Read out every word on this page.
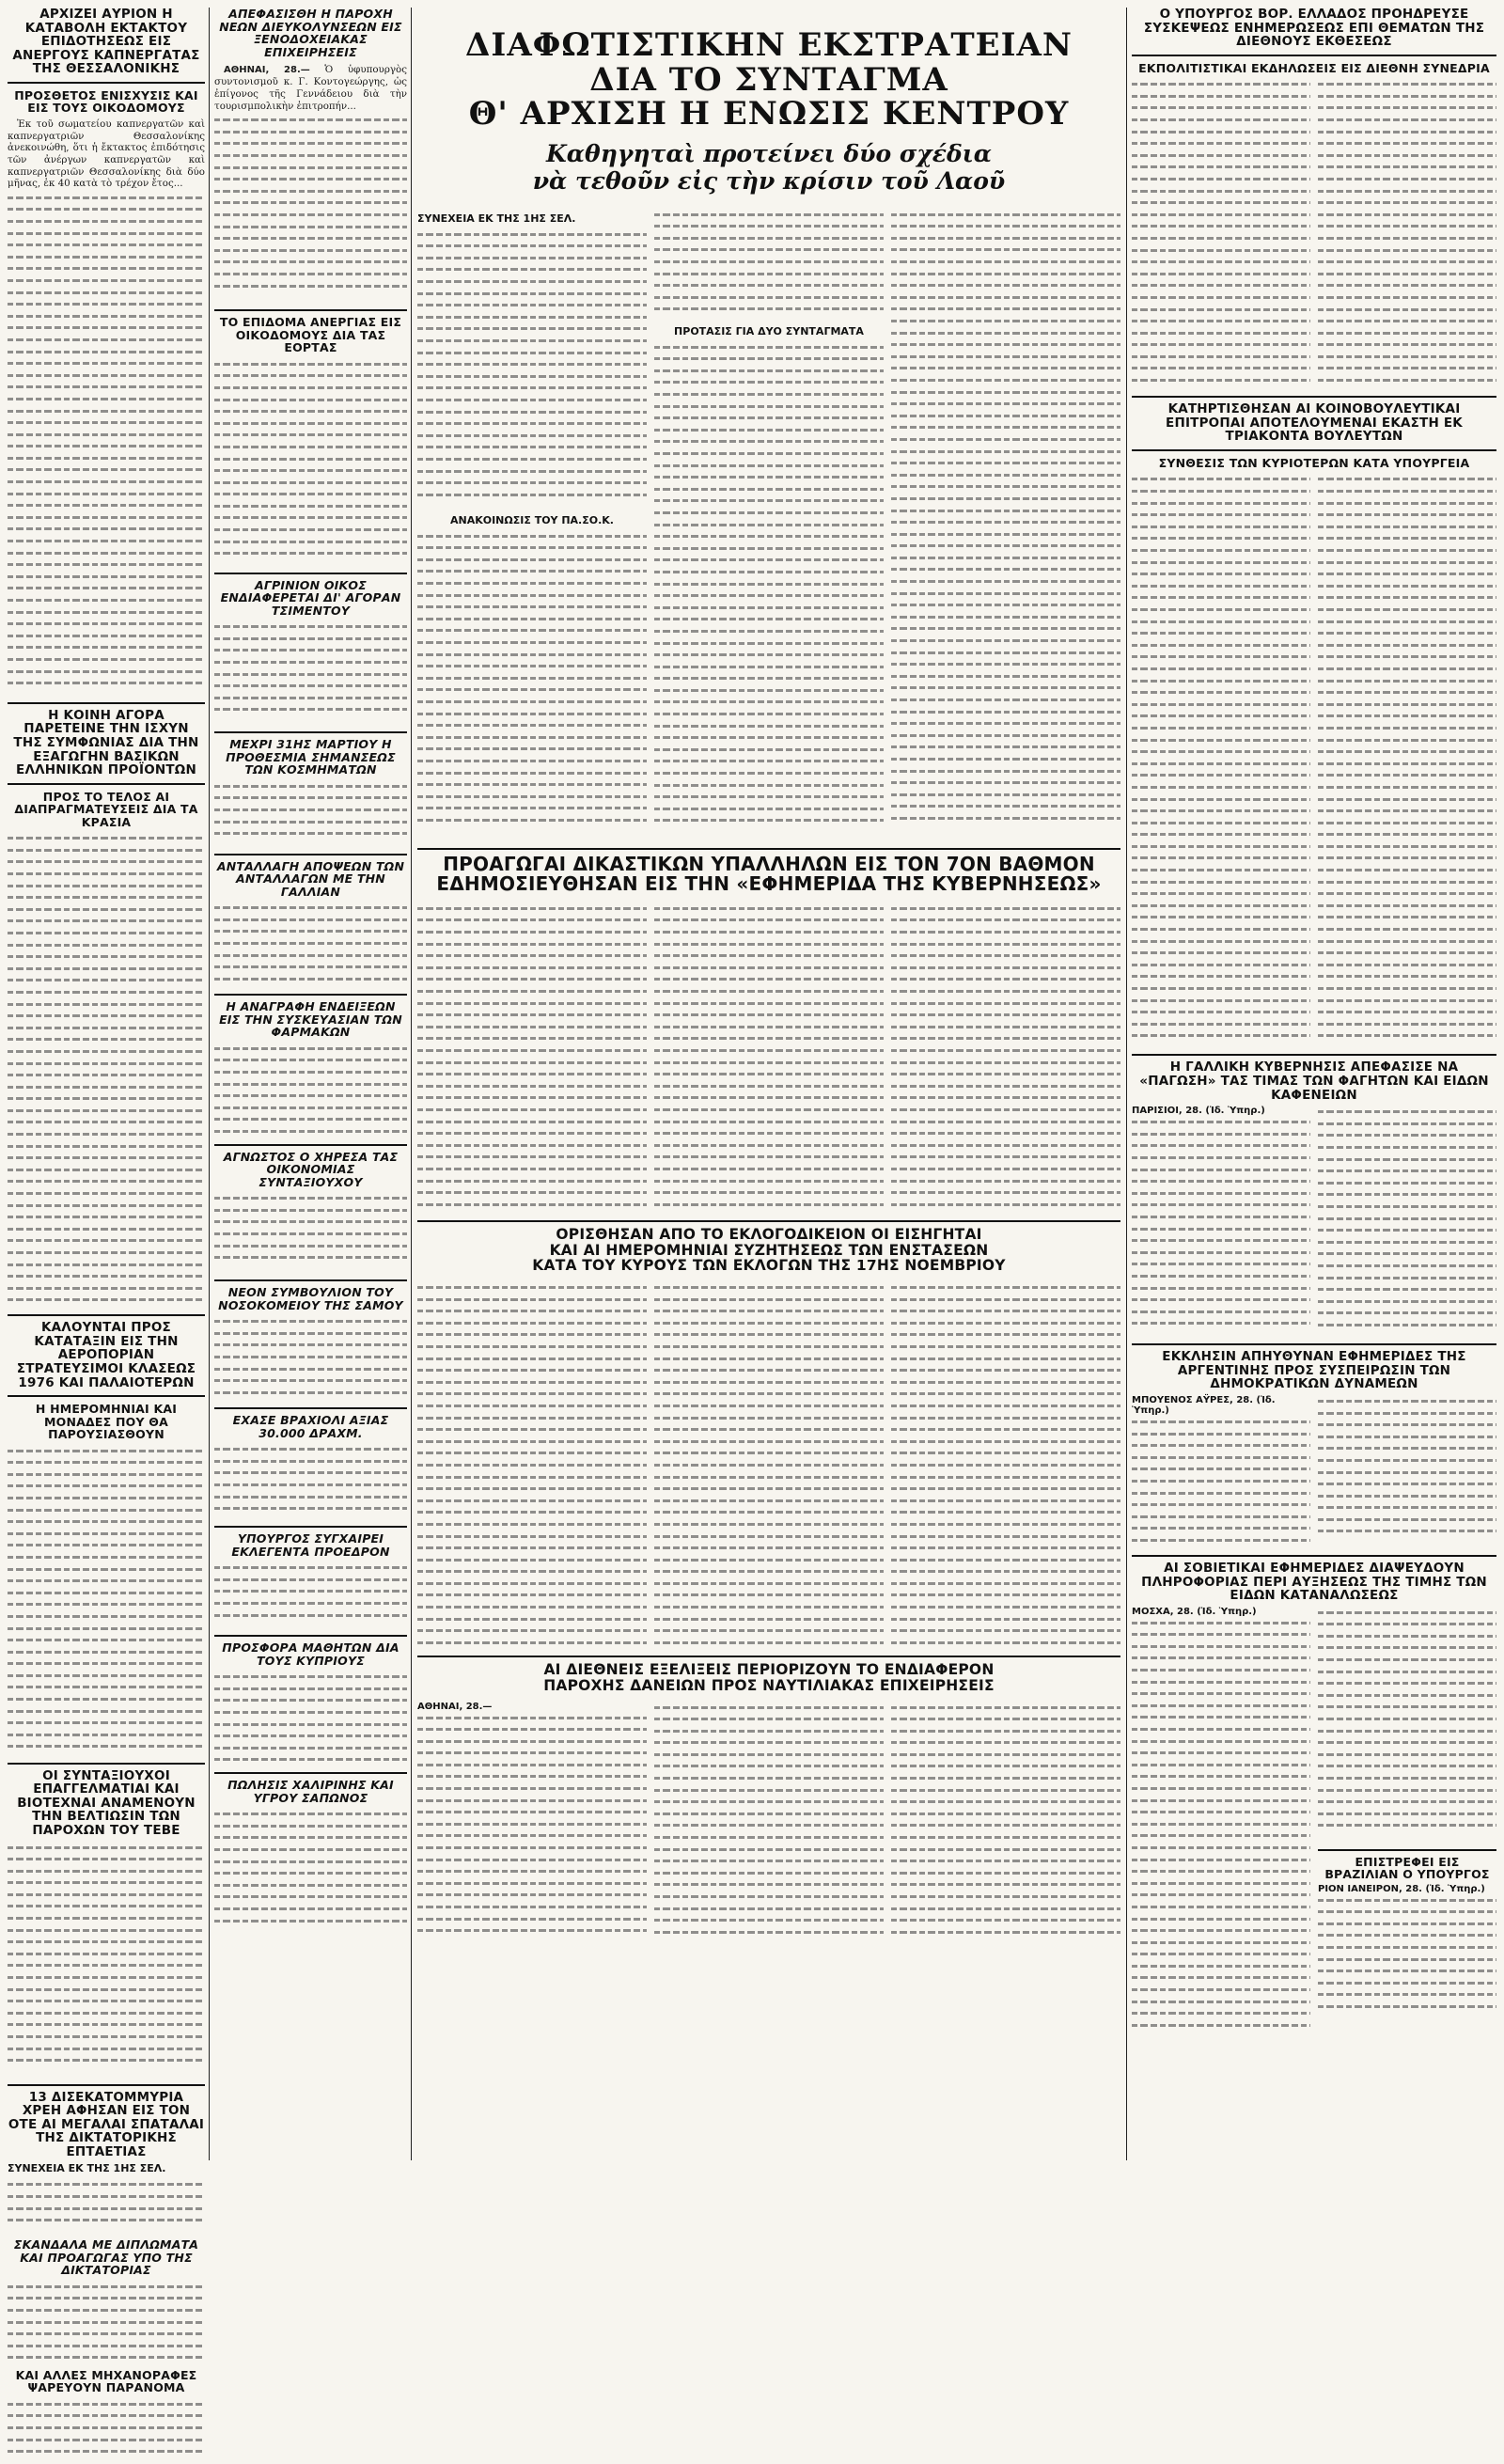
ΑΡΧΙΖΕΙ ΑΥΡΙΟΝ Η ΚΑΤΑΒΟΛΗ ΕΚΤΑΚΤΟΥ ΕΠΙΔΟΤΗΣΕΩΣ ΕΙΣ ΑΝΕΡΓΟΥΣ ΚΑΠΝΕΡΓΑΤΑΣ ΤΗΣ ΘΕΣΣΑΛΟΝΙΚΗΣ
ΠΡΟΣΘΕΤΟΣ ΕΝΙΣΧΥΣΙΣ ΚΑΙ ΕΙΣ ΤΟΥΣ ΟΙΚΟΔΟΜΟΥΣ

Ἐκ τοῦ σωματείου καπνεργατῶν καὶ καπνεργατριῶν Θεσσαλονίκης ἀνεκοινώθη, ὅτι ἡ ἔκτακτος ἐπιδότησις τῶν ἀνέργων καπνεργατῶν καὶ καπνεργατριῶν Θεσσαλονίκης διὰ δύο μῆνας, ἐκ 40 κατὰ τὸ τρέχον ἔτος...

Η ΚΟΙΝΗ ΑΓΟΡΑ ΠΑΡΕΤΕΙΝΕ ΤΗΝ ΙΣΧΥΝ ΤΗΣ ΣΥΜΦΩΝΙΑΣ ΔΙΑ ΤΗΝ ΕΞΑΓΩΓΗΝ ΒΑΣΙΚΩΝ ΕΛΛΗΝΙΚΩΝ ΠΡΟΪΟΝΤΩΝ
ΠΡΟΣ ΤΟ ΤΕΛΟΣ ΑΙ ΔΙΑΠΡΑΓΜΑΤΕΥΣΕΙΣ ΔΙΑ ΤΑ ΚΡΑΣΙΑ
ΚΑΛΟΥΝΤΑΙ ΠΡΟΣ ΚΑΤΑΤΑΞΙΝ ΕΙΣ ΤΗΝ ΑΕΡΟΠΟΡΙΑΝ ΣΤΡΑΤΕΥΣΙΜΟΙ ΚΛΑΣΕΩΣ 1976 ΚΑΙ ΠΑΛΑΙΟΤΕΡΩΝ
Η ΗΜΕΡΟΜΗΝΙΑΙ ΚΑΙ ΜΟΝΑΔΕΣ ΠΟΥ ΘΑ ΠΑΡΟΥΣΙΑΣΘΟΥΝ
ΟΙ ΣΥΝΤΑΞΙΟΥΧΟΙ ΕΠΑΓΓΕΛΜΑΤΙΑΙ ΚΑΙ ΒΙΟΤΕΧΝΑΙ ΑΝΑΜΕΝΟΥΝ ΤΗΝ ΒΕΛΤΙΩΣΙΝ ΤΩΝ ΠΑΡΟΧΩΝ ΤΟΥ ΤΕΒΕ
13 ΔΙΣΕΚΑΤΟΜΜΥΡΙΑ ΧΡΕΗ ΑΦΗΣΑΝ ΕΙΣ ΤΟΝ ΟΤΕ ΑΙ ΜΕΓΑΛΑΙ ΣΠΑΤΑΛΑΙ ΤΗΣ ΔΙΚΤΑΤΟΡΙΚΗΣ ΕΠΤΑΕΤΙΑΣ
ΣΥΝΕΧΕΙΑ ΕΚ ΤΗΣ 1ΗΣ ΣΕΛ.
ΣΚΑΝΔΑΛΑ ΜΕ ΔΙΠΛΩΜΑΤΑ ΚΑΙ ΠΡΟΑΓΩΓΑΣ ΥΠΟ ΤΗΣ ΔΙΚΤΑΤΟΡΙΑΣ
ΚΑΙ ΑΛΛΕΣ ΜΗΧΑΝΟΡΑΦΕΣ ΨΑΡΕΥΟΥΝ ΠΑΡΑΝΟΜΑ
ΑΠΕΦΑΣΙΣΘΗ Η ΠΑΡΟΧΗ ΝΕΩΝ ΔΙΕΥΚΟΛΥΝΣΕΩΝ ΕΙΣ ΞΕΝΟΔΟΧΕΙΑΚΑΣ ΕΠΙΧΕΙΡΗΣΕΙΣ

ΑΘΗΝΑΙ, 28.— Ὁ ὑφυπουργὸς συντονισμοῦ κ. Γ. Κοντογεώργης, ὡς ἐπίγονος τῆς Γεννάδειου διὰ τὴν τουρισμπολικὴν ἐπιτροπήν...

ΤΟ ΕΠΙΔΟΜΑ ΑΝΕΡΓΙΑΣ ΕΙΣ ΟΙΚΟΔΟΜΟΥΣ ΔΙΑ ΤΑΣ ΕΟΡΤΑΣ
ΑΓΡΙΝΙΟΝ ΟΙΚΟΣ ΕΝΔΙΑΦΕΡΕΤΑΙ ΔΙ' ΑΓΟΡΑΝ ΤΣΙΜΕΝΤΟΥ
ΜΕΧΡΙ 31ΗΣ ΜΑΡΤΙΟΥ Η ΠΡΟΘΕΣΜΙΑ ΣΗΜΑΝΣΕΩΣ ΤΩΝ ΚΟΣΜΗΜΑΤΩΝ
ΑΝΤΑΛΛΑΓΗ ΑΠΟΨΕΩΝ ΤΩΝ ΑΝΤΑΛΛΑΓΩΝ ΜΕ ΤΗΝ ΓΑΛΛΙΑΝ
Η ΑΝΑΓΡΑΦΗ ΕΝΔΕΙΞΕΩΝ ΕΙΣ ΤΗΝ ΣΥΣΚΕΥΑΣΙΑΝ ΤΩΝ ΦΑΡΜΑΚΩΝ
ΑΓΝΩΣΤΟΣ Ο ΧΗΡΕΣΑ ΤΑΣ ΟΙΚΟΝΟΜΙΑΣ ΣΥΝΤΑΞΙΟΥΧΟΥ
ΝΕΟΝ ΣΥΜΒΟΥΛΙΟΝ ΤΟΥ ΝΟΣΟΚΟΜΕΙΟΥ ΤΗΣ ΣΑΜΟΥ
ΕΧΑΣΕ ΒΡΑΧΙΟΛΙ ΑΞΙΑΣ 30.000 ΔΡΑΧΜ.
ΥΠΟΥΡΓΟΣ ΣΥΓΧΑΙΡΕΙ ΕΚΛΕΓΕΝΤΑ ΠΡΟΕΔΡΟΝ
ΠΡΟΣΦΟΡΑ ΜΑΘΗΤΩΝ ΔΙΑ ΤΟΥΣ ΚΥΠΡΙΟΥΣ
ΠΩΛΗΣΙΣ ΧΑΛΙΡΙΝΗΣ ΚΑΙ ΥΓΡΟΥ ΣΑΠΩΝΟΣ
ΔΙΑΦΩΤΙΣΤΙΚΗΝ ΕΚΣΤΡΑΤΕΙΑΝ
ΔΙΑ ΤΟ ΣΥΝΤΑΓΜΑ
Θ' ΑΡΧΙΣΗ Η ΕΝΩΣΙΣ ΚΕΝΤΡΟΥ
Καθηγηταὶ προτείνει δύο σχέδια
νὰ τεθοῦν εἰς τὴν κρίσιν τοῦ Λαοῦ
ΣΥΝΕΧΕΙΑ ΕΚ ΤΗΣ 1ΗΣ ΣΕΛ.
ΑΝΑΚΟΙΝΩΣΙΣ ΤΟΥ ΠΑ.ΣΟ.Κ.
ΠΡΟΤΑΣΙΣ ΓΙΑ ΔΥΟ ΣΥΝΤΑΓΜΑΤΑ
ΠΡΟΑΓΩΓΑΙ ΔΙΚΑΣΤΙΚΩΝ ΥΠΑΛΛΗΛΩΝ ΕΙΣ ΤΟΝ 7ΟΝ ΒΑΘΜΟΝ
ΕΔΗΜΟΣΙΕΥΘΗΣΑΝ ΕΙΣ ΤΗΝ «ΕΦΗΜΕΡΙΔΑ ΤΗΣ ΚΥΒΕΡΝΗΣΕΩΣ»
ΟΡΙΣΘΗΣΑΝ ΑΠΟ ΤΟ ΕΚΛΟΓΟΔΙΚΕΙΟΝ ΟΙ ΕΙΣΗΓΗΤΑΙ
ΚΑΙ ΑΙ ΗΜΕΡΟΜΗΝΙΑΙ ΣΥΖΗΤΗΣΕΩΣ ΤΩΝ ΕΝΣΤΑΣΕΩΝ
ΚΑΤΑ ΤΟΥ ΚΥΡΟΥΣ ΤΩΝ ΕΚΛΟΓΩΝ ΤΗΣ 17ΗΣ ΝΟΕΜΒΡΙΟΥ
ΑΙ ΔΙΕΘΝΕΙΣ ΕΞΕΛΙΞΕΙΣ ΠΕΡΙΟΡΙΖΟΥΝ ΤΟ ΕΝΔΙΑΦΕΡΟΝ
ΠΑΡΟΧΗΣ ΔΑΝΕΙΩΝ ΠΡΟΣ ΝΑΥΤΙΛΙΑΚΑΣ ΕΠΙΧΕΙΡΗΣΕΙΣ
ΑΘΗΝΑΙ, 28.—
Ο ΥΠΟΥΡΓΟΣ ΒΟΡ. ΕΛΛΑΔΟΣ ΠΡΟΗΔΡΕΥΣΕ ΣΥΣΚΕΨΕΩΣ ΕΝΗΜΕΡΩΣΕΩΣ ΕΠΙ ΘΕΜΑΤΩΝ ΤΗΣ ΔΙΕΘΝΟΥΣ ΕΚΘΕΣΕΩΣ
ΕΚΠΟΛΙΤΙΣΤΙΚΑΙ ΕΚΔΗΛΩΣΕΙΣ ΕΙΣ ΔΙΕΘΝΗ ΣΥΝΕΔΡΙΑ
ΚΑΤΗΡΤΙΣΘΗΣΑΝ ΑΙ ΚΟΙΝΟΒΟΥΛΕΥΤΙΚΑΙ ΕΠΙΤΡΟΠΑΙ ΑΠΟΤΕΛΟΥΜΕΝΑΙ ΕΚΑΣΤΗ ΕΚ ΤΡΙΑΚΟΝΤΑ ΒΟΥΛΕΥΤΩΝ
ΣΥΝΘΕΣΙΣ ΤΩΝ ΚΥΡΙΟΤΕΡΩΝ ΚΑΤΑ ΥΠΟΥΡΓΕΙΑ
Η ΓΑΛΛΙΚΗ ΚΥΒΕΡΝΗΣΙΣ ΑΠΕΦΑΣΙΣΕ ΝΑ «ΠΑΓΩΣΗ» ΤΑΣ ΤΙΜΑΣ ΤΩΝ ΦΑΓΗΤΩΝ ΚΑΙ ΕΙΔΩΝ ΚΑΦΕΝΕΙΩΝ
ΠΑΡΙΣΙΟΙ, 28. (Ἰδ. Ὑπηρ.)
ΕΚΚΛΗΣΙΝ ΑΠΗΥΘΥΝΑΝ ΕΦΗΜΕΡΙΔΕΣ ΤΗΣ ΑΡΓΕΝΤΙΝΗΣ ΠΡΟΣ ΣΥΣΠΕΙΡΩΣΙΝ ΤΩΝ ΔΗΜΟΚΡΑΤΙΚΩΝ ΔΥΝΑΜΕΩΝ
ΜΠΟΥΕΝΟΣ ΑΫΡΕΣ, 28. (Ἰδ. Ὑπηρ.)
ΑΙ ΣΟΒΙΕΤΙΚΑΙ ΕΦΗΜΕΡΙΔΕΣ ΔΙΑΨΕΥΔΟΥΝ ΠΛΗΡΟΦΟΡΙΑΣ ΠΕΡΙ ΑΥΞΗΣΕΩΣ ΤΗΣ ΤΙΜΗΣ ΤΩΝ ΕΙΔΩΝ ΚΑΤΑΝΑΛΩΣΕΩΣ
ΜΟΣΧΑ, 28. (Ἰδ. Ὑπηρ.)
ΕΠΙΣΤΡΕΦΕΙ ΕΙΣ ΒΡΑΖΙΛΙΑΝ Ο ΥΠΟΥΡΓΟΣ
ΡΙΟΝ ΙΑΝΕΙΡΟΝ, 28. (Ἰδ. Ὑπηρ.)
